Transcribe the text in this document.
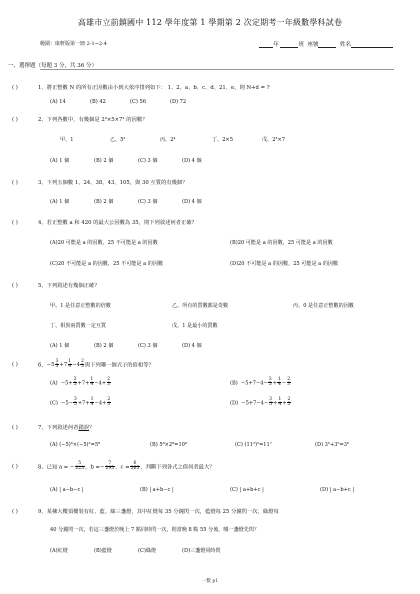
高雄市立前鎮國中 112 學年度第 1 學期第 2 次定期考一年級數學科試卷
範圍：康軒版第一冊 2-1~2-4	年	班 座號	姓名
一、選擇題（每題 3 分，共 36 分）
( )	1、將正整數 N 的所有正因數由小到大依序排列如下： 1、2、a、b、c、d、21、e，則 N+d = ?
(A) 14	(B) 42	(C) 56	(D) 72
( )	2、下列各數中，有幾個是 2³×5×7² 的因數？
甲、1	乙、5²	丙、2⁴	丁、2×5	戊、2³×7
(A) 1 個	(B) 2 個	(C) 3 個	(D) 4 個
( )	3、下列五個數 1、24、38、43、105，與 30 互質的有幾個？
(A) 1 個	(B) 2 個	(C) 3 個	(D) 4 個
( )	4、若正整數 a 和 420 的最大公因數為 35，則下列敘述何者正確？
(A)20 可能是 a 的因數，25 不可能是 a 的因數	(B)20 可能是 a 的因數，25 可能是 a 的因數
(C)20 不可能是 a 的因數，25 不可能是 a 的因數	(D)20 不可能是 a 的因數，25 可能是 a 的因數
( )	5、下列敘述有幾個正確？
甲、1 是任意正整數的倍數	乙、所有的質數都是奇數	丙、0 是任意正整數的因數
丁、相異兩質數一定互質	戊、1 是最小的質數
(A) 1 個	(B) 2 個	(C) 3 個	(D) 4 個
( )	6、$-5 \frac{3}{5} +7 \frac{1}{4} -4 \frac{2}{3}$ 與下列哪一個式子的值相等？
$(A) -5+ \frac{3}{5} +7+ \frac{1}{4} -4+ \frac{2}{3}$	$(B) -5+7-4- \frac{3}{5} + \frac{1}{4} - \frac{2}{3}$
$(C) -5- \frac{3}{5} +7+ \frac{1}{4} -4+ \frac{2}{3}$	$(D) -5+7-4- \frac{3}{5} + \frac{1}{4} + \frac{2}{3}$
( )	7、下列敘述何者錯誤？
(A) (−5)⁶×(−5)²=5⁸	(B) 5⁸×2⁸=10⁸	(C) (11²)⁵=11⁷	(D) 3⁵+3⁵=3⁶
( )	8、已知 a = − $\frac{5}{223}$ ，$b =- \frac{7}{293}$ ，$c = \frac{6}{263}$ ，判斷下列各式之值何者最大？
(A) | a−b−c |	(B) | a+b−c |	(C) | a+b+c |	(D) | a−b+c |
( )	9、某棟大樓頂樓裝有紅、藍、綠三盞燈，其中紅燈每 35 分鐘閃一次，藍燈每 25 分鐘閃一次，綠燈每
40 分鐘閃一次，若這三盞燈於晚上 7 點同時閃一次，則當晚 8 點 55 分後，哪一盞燈先閃？
(A)紅燈	(B)藍燈	(C)綠燈	(D)三盞燈同時閃
一數 p1
